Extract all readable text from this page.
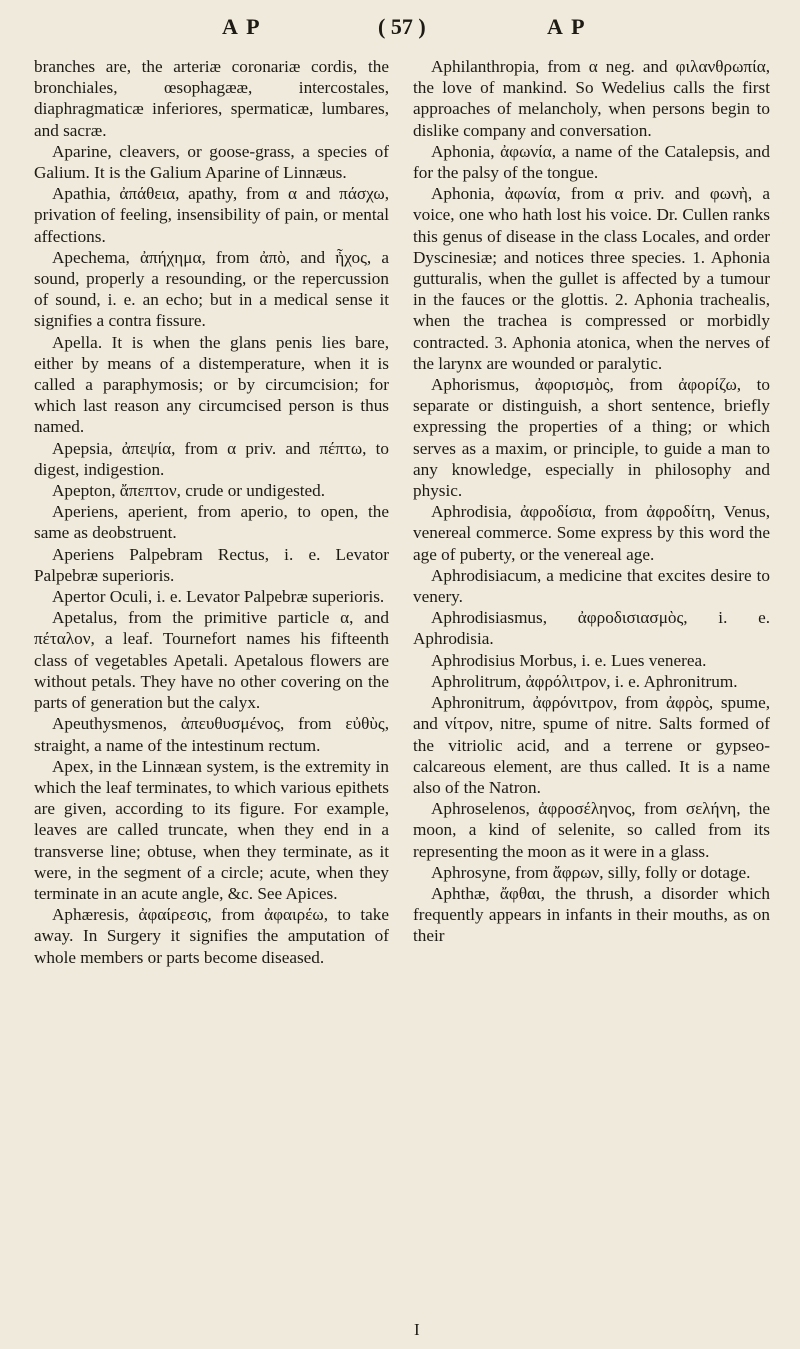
A P	( 57 )	A P

branches are, the arteriæ coronariæ cordis, the bronchiales, œsophagææ, intercostales, diaphragmaticæ inferiores, spermaticæ, lumbares, and sacræ.

Aparine, cleavers, or goose-grass, a species of Galium. It is the Galium Aparine of Linnæus.

Apathia, ἀπάθεια, apathy, from α and πάσχω, privation of feeling, insensibility of pain, or mental affections.

Apechema, ἀπήχημα, from ἀπὸ, and ἦχος, a sound, properly a resounding, or the repercussion of sound, i. e. an echo; but in a medical sense it signifies a contra fissure.

Apella. It is when the glans penis lies bare, either by means of a distemperature, when it is called a paraphymosis; or by circumcision; for which last reason any circumcised person is thus named.

Apepsia, ἀπεψία, from α priv. and πέπτω, to digest, indigestion.

Apepton, ἄπεπτον, crude or undigested.

Aperiens, aperient, from aperio, to open, the same as deobstruent.

Aperiens Palpebram Rectus, i. e. Levator Palpebræ superioris.

Apertor Oculi, i. e. Levator Palpebræ superioris.

Apetalus, from the primitive particle α, and πέταλον, a leaf. Tournefort names his fifteenth class of vegetables Apetali. Apetalous flowers are without petals. They have no other covering on the parts of generation but the calyx.

Apeuthysmenos, ἀπευθυσμένος, from εὐθὺς, straight, a name of the intestinum rectum.

Apex, in the Linnæan system, is the extremity in which the leaf terminates, to which various epithets are given, according to its figure. For example, leaves are called truncate, when they end in a transverse line; obtuse, when they terminate, as it were, in the segment of a circle; acute, when they terminate in an acute angle, &c. See Apices.

Aphæresis, ἀφαίρεσις, from ἀφαιρέω, to take away. In Surgery it signifies the amputation of whole members or parts become diseased.

Aphilanthropia, from α neg. and φιλανθρωπία, the love of mankind. So Wedelius calls the first approaches of melancholy, when persons begin to dislike company and conversation.

Aphonia, ἀφωνία, a name of the Catalepsis, and for the palsy of the tongue.

Aphonia, ἀφωνία, from α priv. and φωνὴ, a voice, one who hath lost his voice. Dr. Cullen ranks this genus of disease in the class Locales, and order Dyscinesiæ; and notices three species. 1. Aphonia gutturalis, when the gullet is affected by a tumour in the fauces or the glottis. 2. Aphonia trachealis, when the trachea is compressed or morbidly contracted. 3. Aphonia atonica, when the nerves of the larynx are wounded or paralytic.

Aphorismus, ἀφορισμὸς, from ἀφορίζω, to separate or distinguish, a short sentence, briefly expressing the properties of a thing; or which serves as a maxim, or principle, to guide a man to any knowledge, especially in philosophy and physic.

Aphrodisia, ἀφροδίσια, from ἀφροδίτη, Venus, venereal commerce. Some express by this word the age of puberty, or the venereal age.

Aphrodisiacum, a medicine that excites desire to venery.

Aphrodisiasmus, ἀφροδισιασμὸς, i. e. Aphrodisia.

Aphrodisius Morbus, i. e. Lues venerea.

Aphrolitrum, ἀφρόλιτρον, i. e. Aphronitrum.

Aphronitrum, ἀφρόνιτρον, from ἀφρὸς, spume, and νίτρον, nitre, spume of nitre. Salts formed of the vitriolic acid, and a terrene or gypseo-calcareous element, are thus called. It is a name also of the Natron.

Aphroselenos, ἀφροσέληνος, from σελήνη, the moon, a kind of selenite, so called from its representing the moon as it were in a glass.

Aphrosyne, from ἄφρων, silly, folly or dotage.

Aphthæ, ἄφθαι, the thrush, a disorder which frequently appears in infants in their mouths, as on their

I
